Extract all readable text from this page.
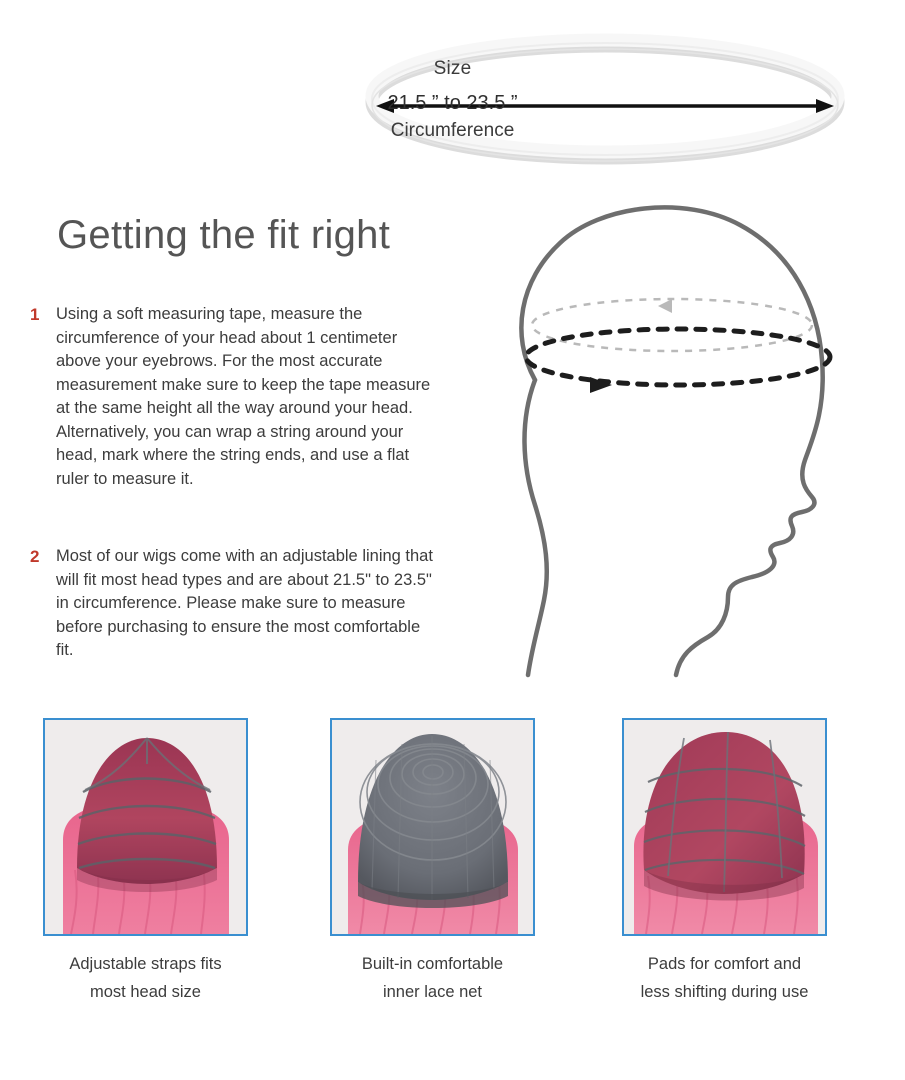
Size
21.5 ” to 23.5 ”
Circumference
Getting the fit right
1	Using a soft measuring tape, measure the circumference of your head about 1 centimeter above your eyebrows. For the most accurate measurement make sure to keep the tape measure at the same height all the way around your head. Alternatively, you can wrap a string around your head, mark where the string ends, and use a flat ruler to measure it.
2	Most of our wigs come with an adjustable lining that will fit most head types and are about 21.5" to 23.5" in circumference. Please make sure to measure before purchasing to ensure the most comfortable fit.
Adjustable straps fits
most head size
Built-in comfortable
inner lace net
Pads for comfort and
less shifting during use
